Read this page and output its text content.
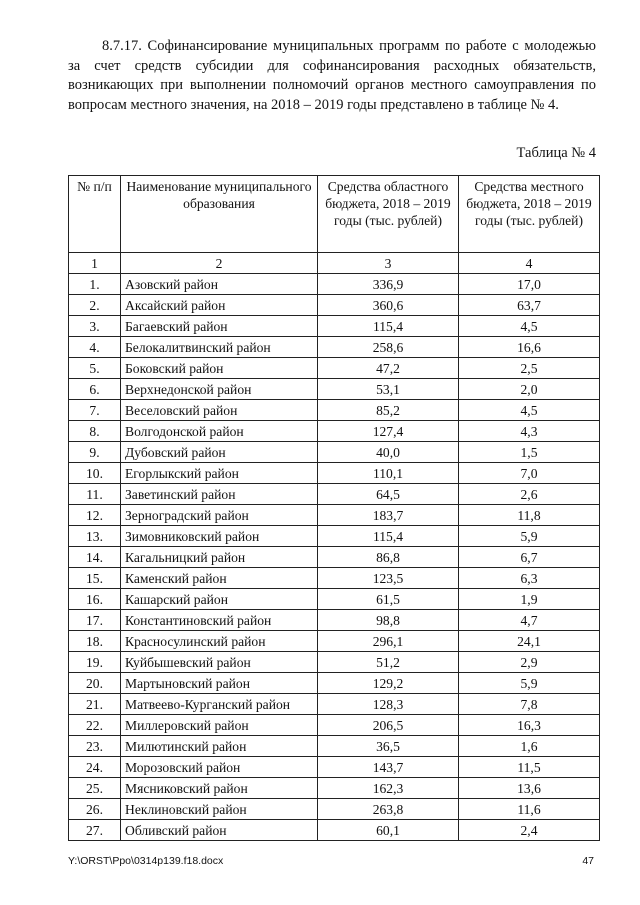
8.7.17. Софинансирование муниципальных программ по работе с молодежью за счет средств субсидии для софинансирования расходных обязательств, возникающих при выполнении полномочий органов местного самоуправления по вопросам местного значения, на 2018 – 2019 годы представлено в таблице № 4.
Таблица № 4
№ п/п	Наименование муниципального образования	Средства областного бюджета, 2018 – 2019 годы (тыс. рублей)	Средства местного бюджета, 2018 – 2019 годы (тыс. рублей)
1	2	3	4
1.	Азовский район	336,9	17,0
2.	Аксайский район	360,6	63,7
3.	Багаевский район	115,4	4,5
4.	Белокалитвинский район	258,6	16,6
5.	Боковский район	47,2	2,5
6.	Верхнедонской район	53,1	2,0
7.	Веселовский район	85,2	4,5
8.	Волгодонской район	127,4	4,3
9.	Дубовский район	40,0	1,5
10.	Егорлыкский район	110,1	7,0
11.	Заветинский район	64,5	2,6
12.	Зерноградский район	183,7	11,8
13.	Зимовниковский район	115,4	5,9
14.	Кагальницкий район	86,8	6,7
15.	Каменский район	123,5	6,3
16.	Кашарский район	61,5	1,9
17.	Константиновский район	98,8	4,7
18.	Красносулинский район	296,1	24,1
19.	Куйбышевский район	51,2	2,9
20.	Мартыновский район	129,2	5,9
21.	Матвеево-Курганский район	128,3	7,8
22.	Миллеровский район	206,5	16,3
23.	Милютинский район	36,5	1,6
24.	Морозовский район	143,7	11,5
25.	Мясниковский район	162,3	13,6
26.	Неклиновский район	263,8	11,6
27.	Обливский район	60,1	2,4
Y:\ORST\Ppo\0314p139.f18.docx	47
